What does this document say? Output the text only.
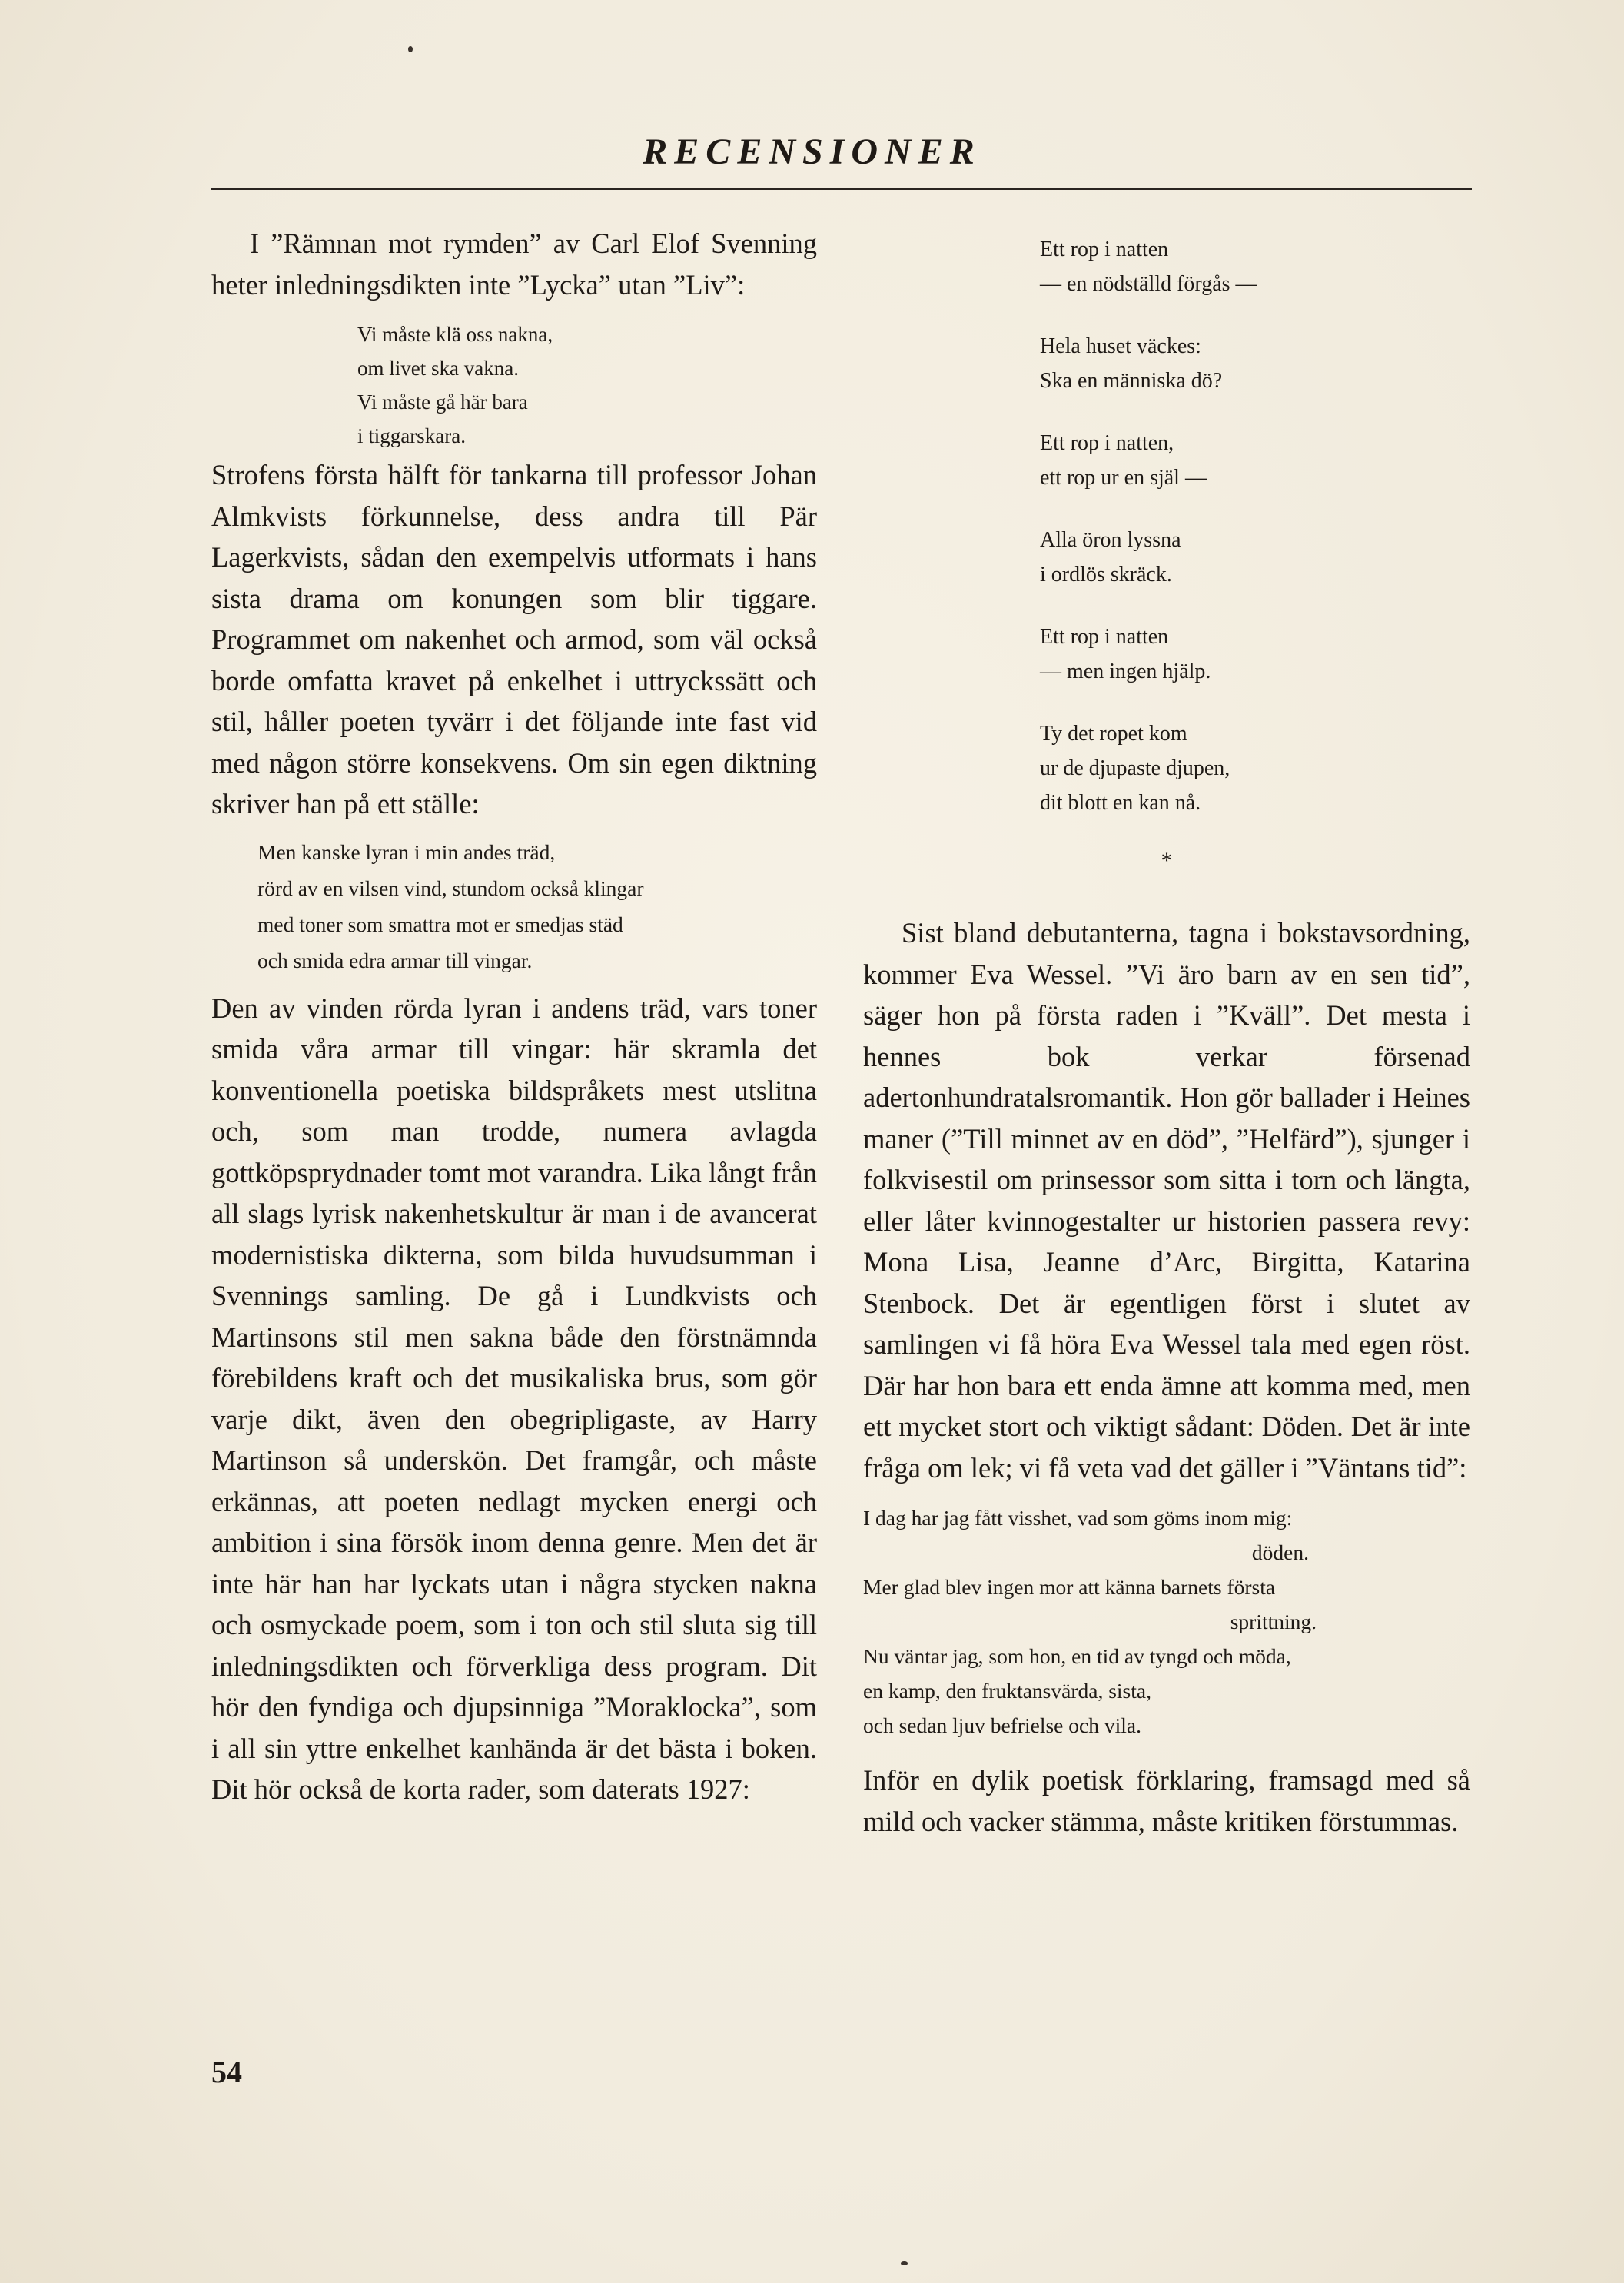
RECENSIONER

I ”Rämnan mot rymden” av Carl Elof Svenning heter inledningsdikten inte ”Lycka” utan ”Liv”:

Vi måste klä oss nakna,
om livet ska vakna.
Vi måste gå här bara
i tiggarskara.

Strofens första hälft för tankarna till professor Johan Almkvists förkunnelse, dess andra till Pär Lagerkvists, sådan den exempelvis utformats i hans sista drama om konungen som blir tiggare. Programmet om nakenhet och armod, som väl också borde omfatta kravet på enkelhet i uttryckssätt och stil, håller poeten tyvärr i det följande inte fast vid med någon större konsekvens. Om sin egen diktning skriver han på ett ställe:

Men kanske lyran i min andes träd,
rörd av en vilsen vind, stundom också klingar
med toner som smattra mot er smedjas städ
och smida edra armar till vingar.

Den av vinden rörda lyran i andens träd, vars toner smida våra armar till vingar: här skramla det konventionella poetiska bildspråkets mest utslitna och, som man trodde, numera avlagda gottköpsprydnader tomt mot varandra. Lika långt från all slags lyrisk nakenhetskultur är man i de avancerat modernistiska dikterna, som bilda huvudsumman i Svennings samling. De gå i Lundkvists och Martinsons stil men sakna både den förstnämnda förebildens kraft och det musikaliska brus, som gör varje dikt, även den obegripligaste, av Harry Martinson så underskön. Det framgår, och måste erkännas, att poeten nedlagt mycken energi och ambition i sina försök inom denna genre. Men det är inte här han har lyckats utan i några stycken nakna och osmyckade poem, som i ton och stil sluta sig till inledningsdikten och förverkliga dess program. Dit hör den fyndiga och djupsinniga ”Moraklocka”, som i all sin yttre enkelhet kanhända är det bästa i boken. Dit hör också de korta rader, som daterats 1927:

Ett rop i natten
— en nödställd förgås —
Hela huset väckes:
Ska en människa dö?
Ett rop i natten,
ett rop ur en själ —
Alla öron lyssna
i ordlös skräck.
Ett rop i natten
— men ingen hjälp.
Ty det ropet kom
ur de djupaste djupen,
dit blott en kan nå.
*

Sist bland debutanterna, tagna i bokstavsordning, kommer Eva Wessel. ”Vi äro barn av en sen tid”, säger hon på första raden i ”Kväll”. Det mesta i hennes bok verkar försenad adertonhundratalsromantik. Hon gör ballader i Heines maner (”Till minnet av en död”, ”Helfärd”), sjunger i folkvisestil om prinsessor som sitta i torn och längta, eller låter kvinnogestalter ur historien passera revy: Mona Lisa, Jeanne d’Arc, Birgitta, Katarina Stenbock. Det är egentligen först i slutet av samlingen vi få höra Eva Wessel tala med egen röst. Där har hon bara ett enda ämne att komma med, men ett mycket stort och viktigt sådant: Döden. Det är inte fråga om lek; vi få veta vad det gäller i ”Väntans tid”:

I dag har jag fått visshet, vad som göms inom mig:
döden.
Mer glad blev ingen mor att känna barnets första
sprittning.
Nu väntar jag, som hon, en tid av tyngd och möda,
en kamp, den fruktansvärda, sista,
och sedan ljuv befrielse och vila.

Inför en dylik poetisk förklaring, framsagd med så mild och vacker stämma, måste kritiken förstummas.

54
